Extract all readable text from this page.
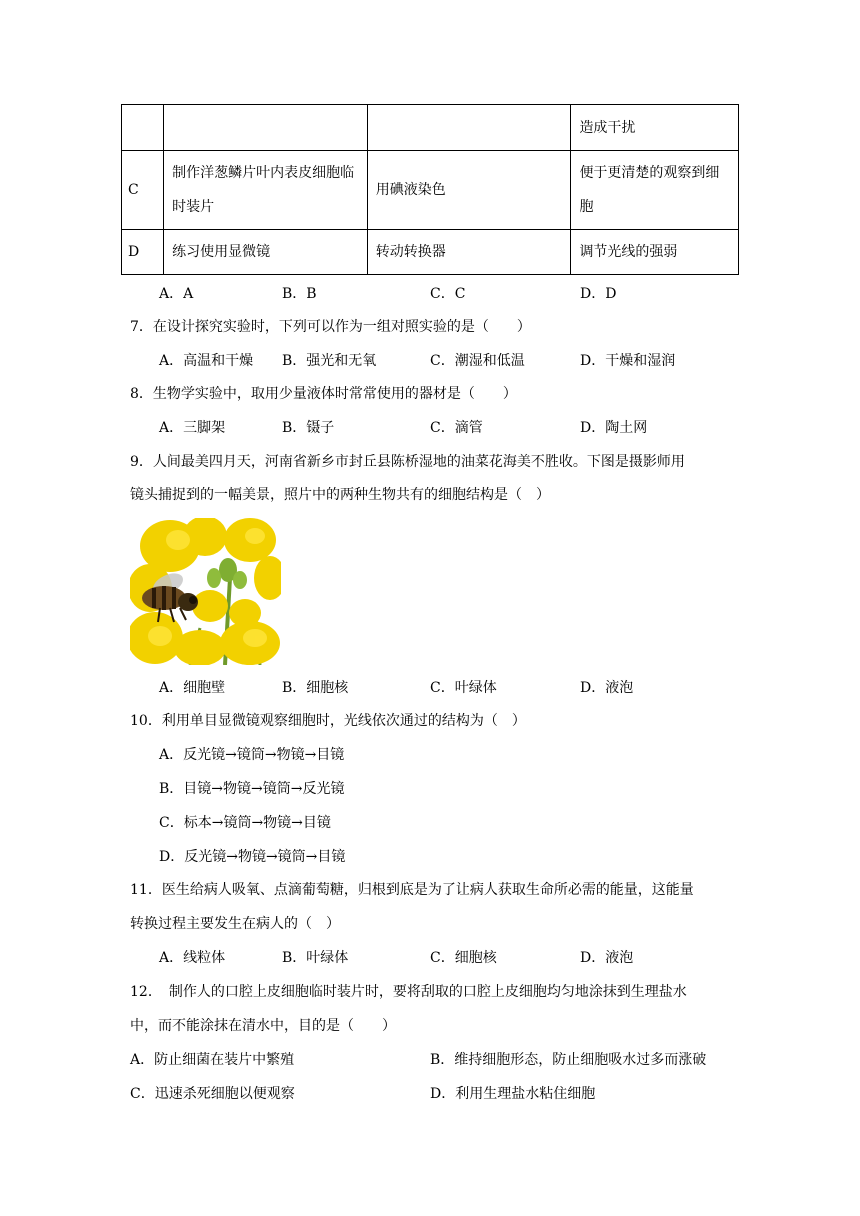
			造成干扰
C	制作洋葱鳞片叶内表皮细胞临时装片	用碘液染色	便于更清楚的观察到细胞
D	练习使用显微镜	转动转换器	调节光线的强弱
A．A	B．B	C．C	D．D
7．在设计探究实验时，下列可以作为一组对照实验的是（　　）
A．高温和干燥 B．强光和无氧	C．潮湿和低温	D．干燥和湿润
8．生物学实验中，取用少量液体时常常使用的器材是（　　）
A．三脚架	B．镊子	C．滴管	D．陶土网
9．人间最美四月天，河南省新乡市封丘县陈桥湿地的油菜花海美不胜收。下图是摄影师用
镜头捕捉到的一幅美景，照片中的两种生物共有的细胞结构是（　）
A．细胞壁	B．细胞核	C．叶绿体	D．液泡
10．利用单目显微镜观察细胞时，光线依次通过的结构为（　）
A．反光镜→镜筒→物镜→目镜
B．目镜→物镜→镜筒→反光镜
C．标本→镜筒→物镜→目镜
D．反光镜→物镜→镜筒→目镜
11．医生给病人吸氧、点滴葡萄糖，归根到底是为了让病人获取生命所必需的能量，这能量
转换过程主要发生在病人的（　）
A．线粒体	B．叶绿体	C．细胞核	D．液泡
12．　制作人的口腔上皮细胞临时装片时，要将刮取的口腔上皮细胞均匀地涂抹到生理盐水
中，而不能涂抹在清水中，目的是（　　）
A．防止细菌在装片中繁殖	B．维持细胞形态，防止细胞吸水过多而涨破
C．迅速杀死细胞以便观察	D．利用生理盐水粘住细胞
